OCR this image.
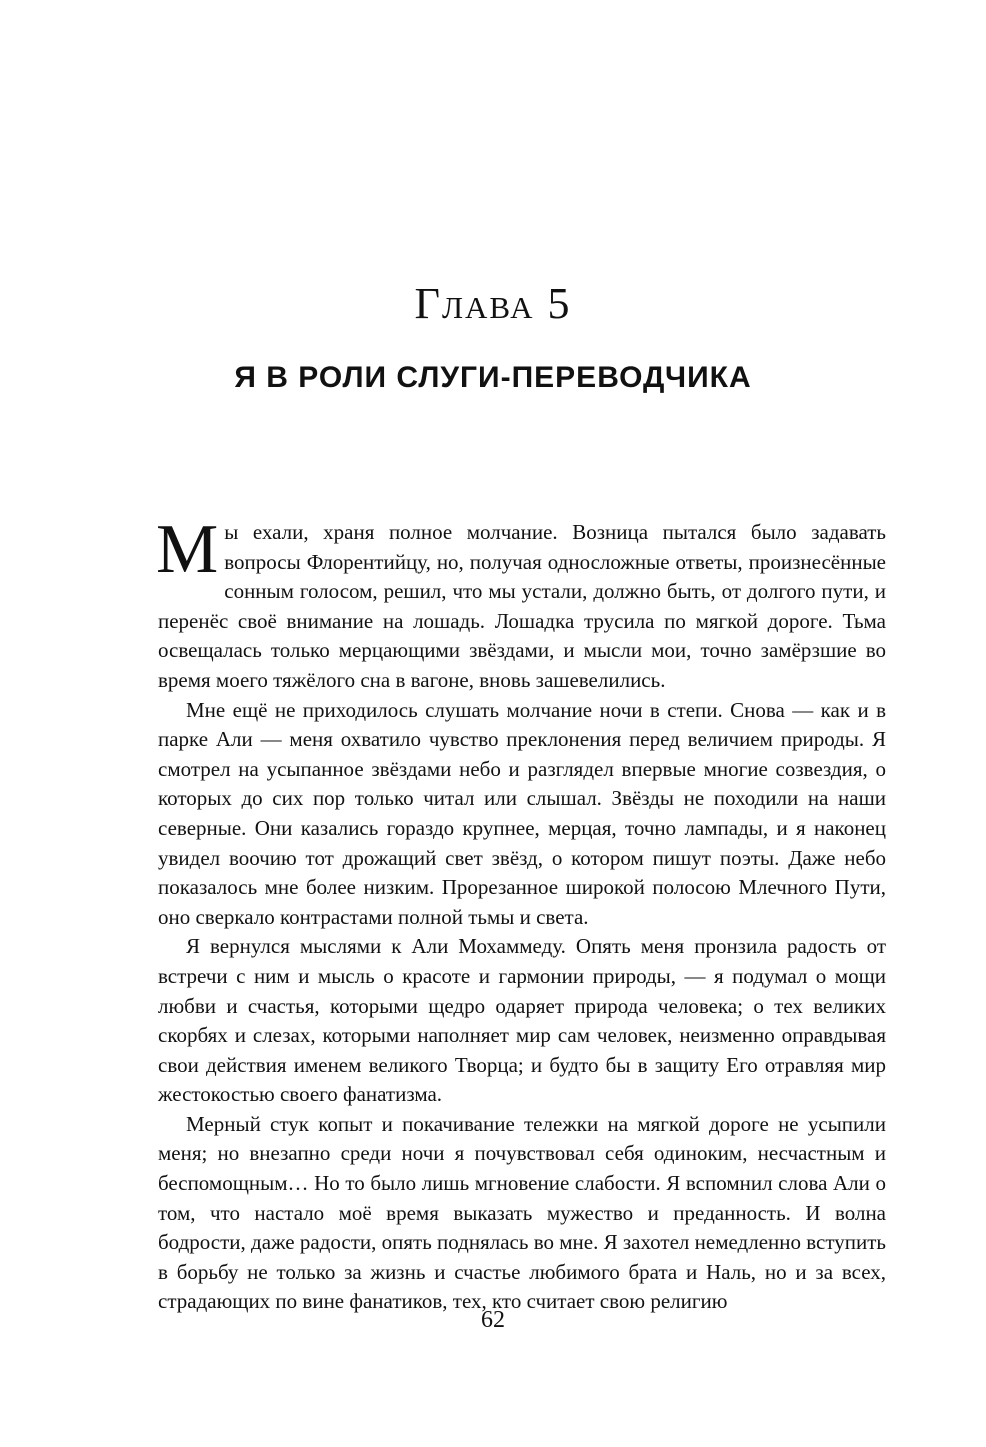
Глава 5
Я В РОЛИ СЛУГИ-ПЕРЕВОДЧИКА

Мы ехали, храня полное молчание. Возница пытался было задавать вопросы Флорентийцу, но, получая односложные ответы, произнесённые сонным голосом, решил, что мы устали, должно быть, от долгого пути, и перенёс своё внимание на лошадь. Лошадка трусила по мягкой дороге. Тьма освещалась только мерцающими звёздами, и мысли мои, точно замёрзшие во время моего тяжёлого сна в вагоне, вновь зашевелились.

Мне ещё не приходилось слушать молчание ночи в степи. Снова — как и в парке Али — меня охватило чувство преклонения перед величием природы. Я смотрел на усыпанное звёздами небо и разглядел впервые многие созвездия, о которых до сих пор только читал или слышал. Звёзды не походили на наши северные. Они казались гораздо крупнее, мерцая, точно лампады, и я наконец увидел воочию тот дрожащий свет звёзд, о котором пишут поэты. Даже небо показалось мне более низким. Прорезанное широкой полосою Млечного Пути, оно сверкало контрастами полной тьмы и света.

Я вернулся мыслями к Али Мохаммеду. Опять меня пронзила радость от встречи с ним и мысль о красоте и гармонии природы, — я подумал о мощи любви и счастья, которыми щедро одаряет природа человека; о тех великих скорбях и слезах, которыми наполняет мир сам человек, неизменно оправдывая свои действия именем великого Творца; и будто бы в защиту Его отравляя мир жестокостью своего фанатизма.

Мерный стук копыт и покачивание тележки на мягкой дороге не усыпили меня; но внезапно среди ночи я почувствовал себя одиноким, несчастным и беспомощным… Но то было лишь мгновение слабости. Я вспомнил слова Али о том, что настало моё время выказать мужество и преданность. И волна бодрости, даже радости, опять поднялась во мне. Я захотел немедленно вступить в борьбу не только за жизнь и счастье любимого брата и Наль, но и за всех, страдающих по вине фанатиков, тех, кто считает свою религию

62
